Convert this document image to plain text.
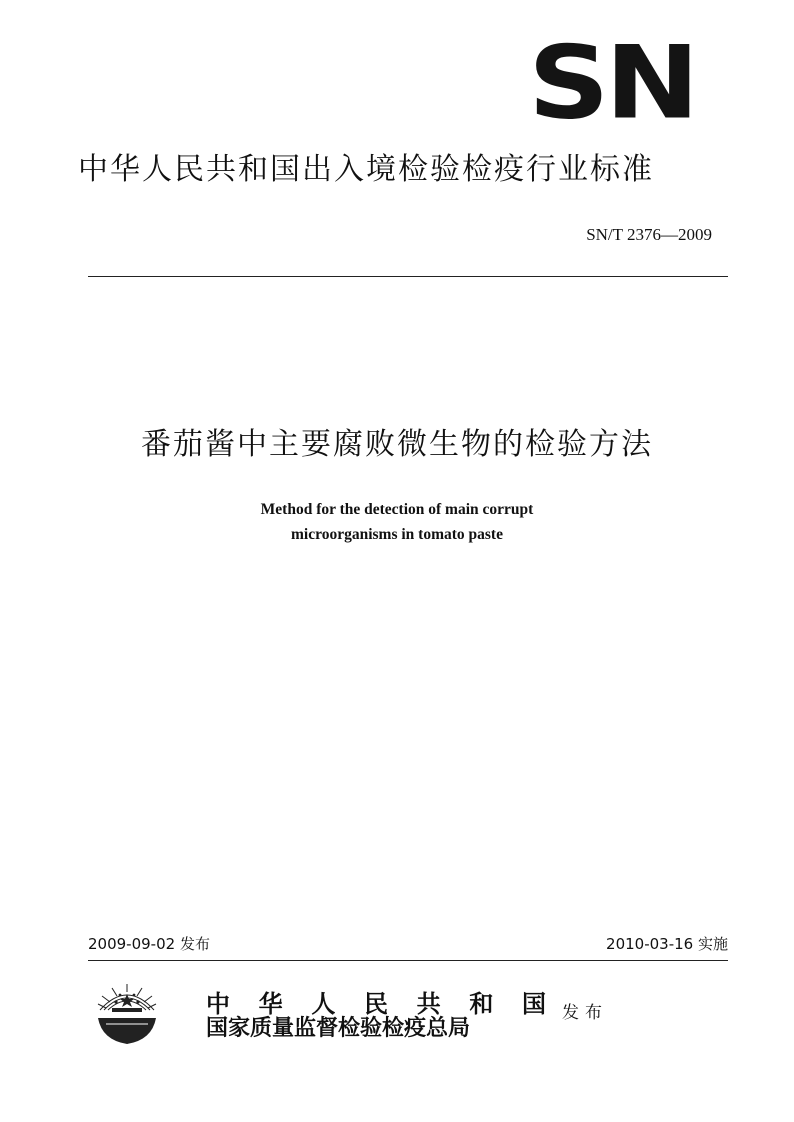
SN
中华人民共和国出入境检验检疫行业标准
SN/T 2376—2009
番茄酱中主要腐败微生物的检验方法
Method for the detection of main corrupt
microorganisms in tomato paste
2009-09-02 发布	2010-03-16 实施
中华人民共和国
国家质量监督检验检疫总局
发布
